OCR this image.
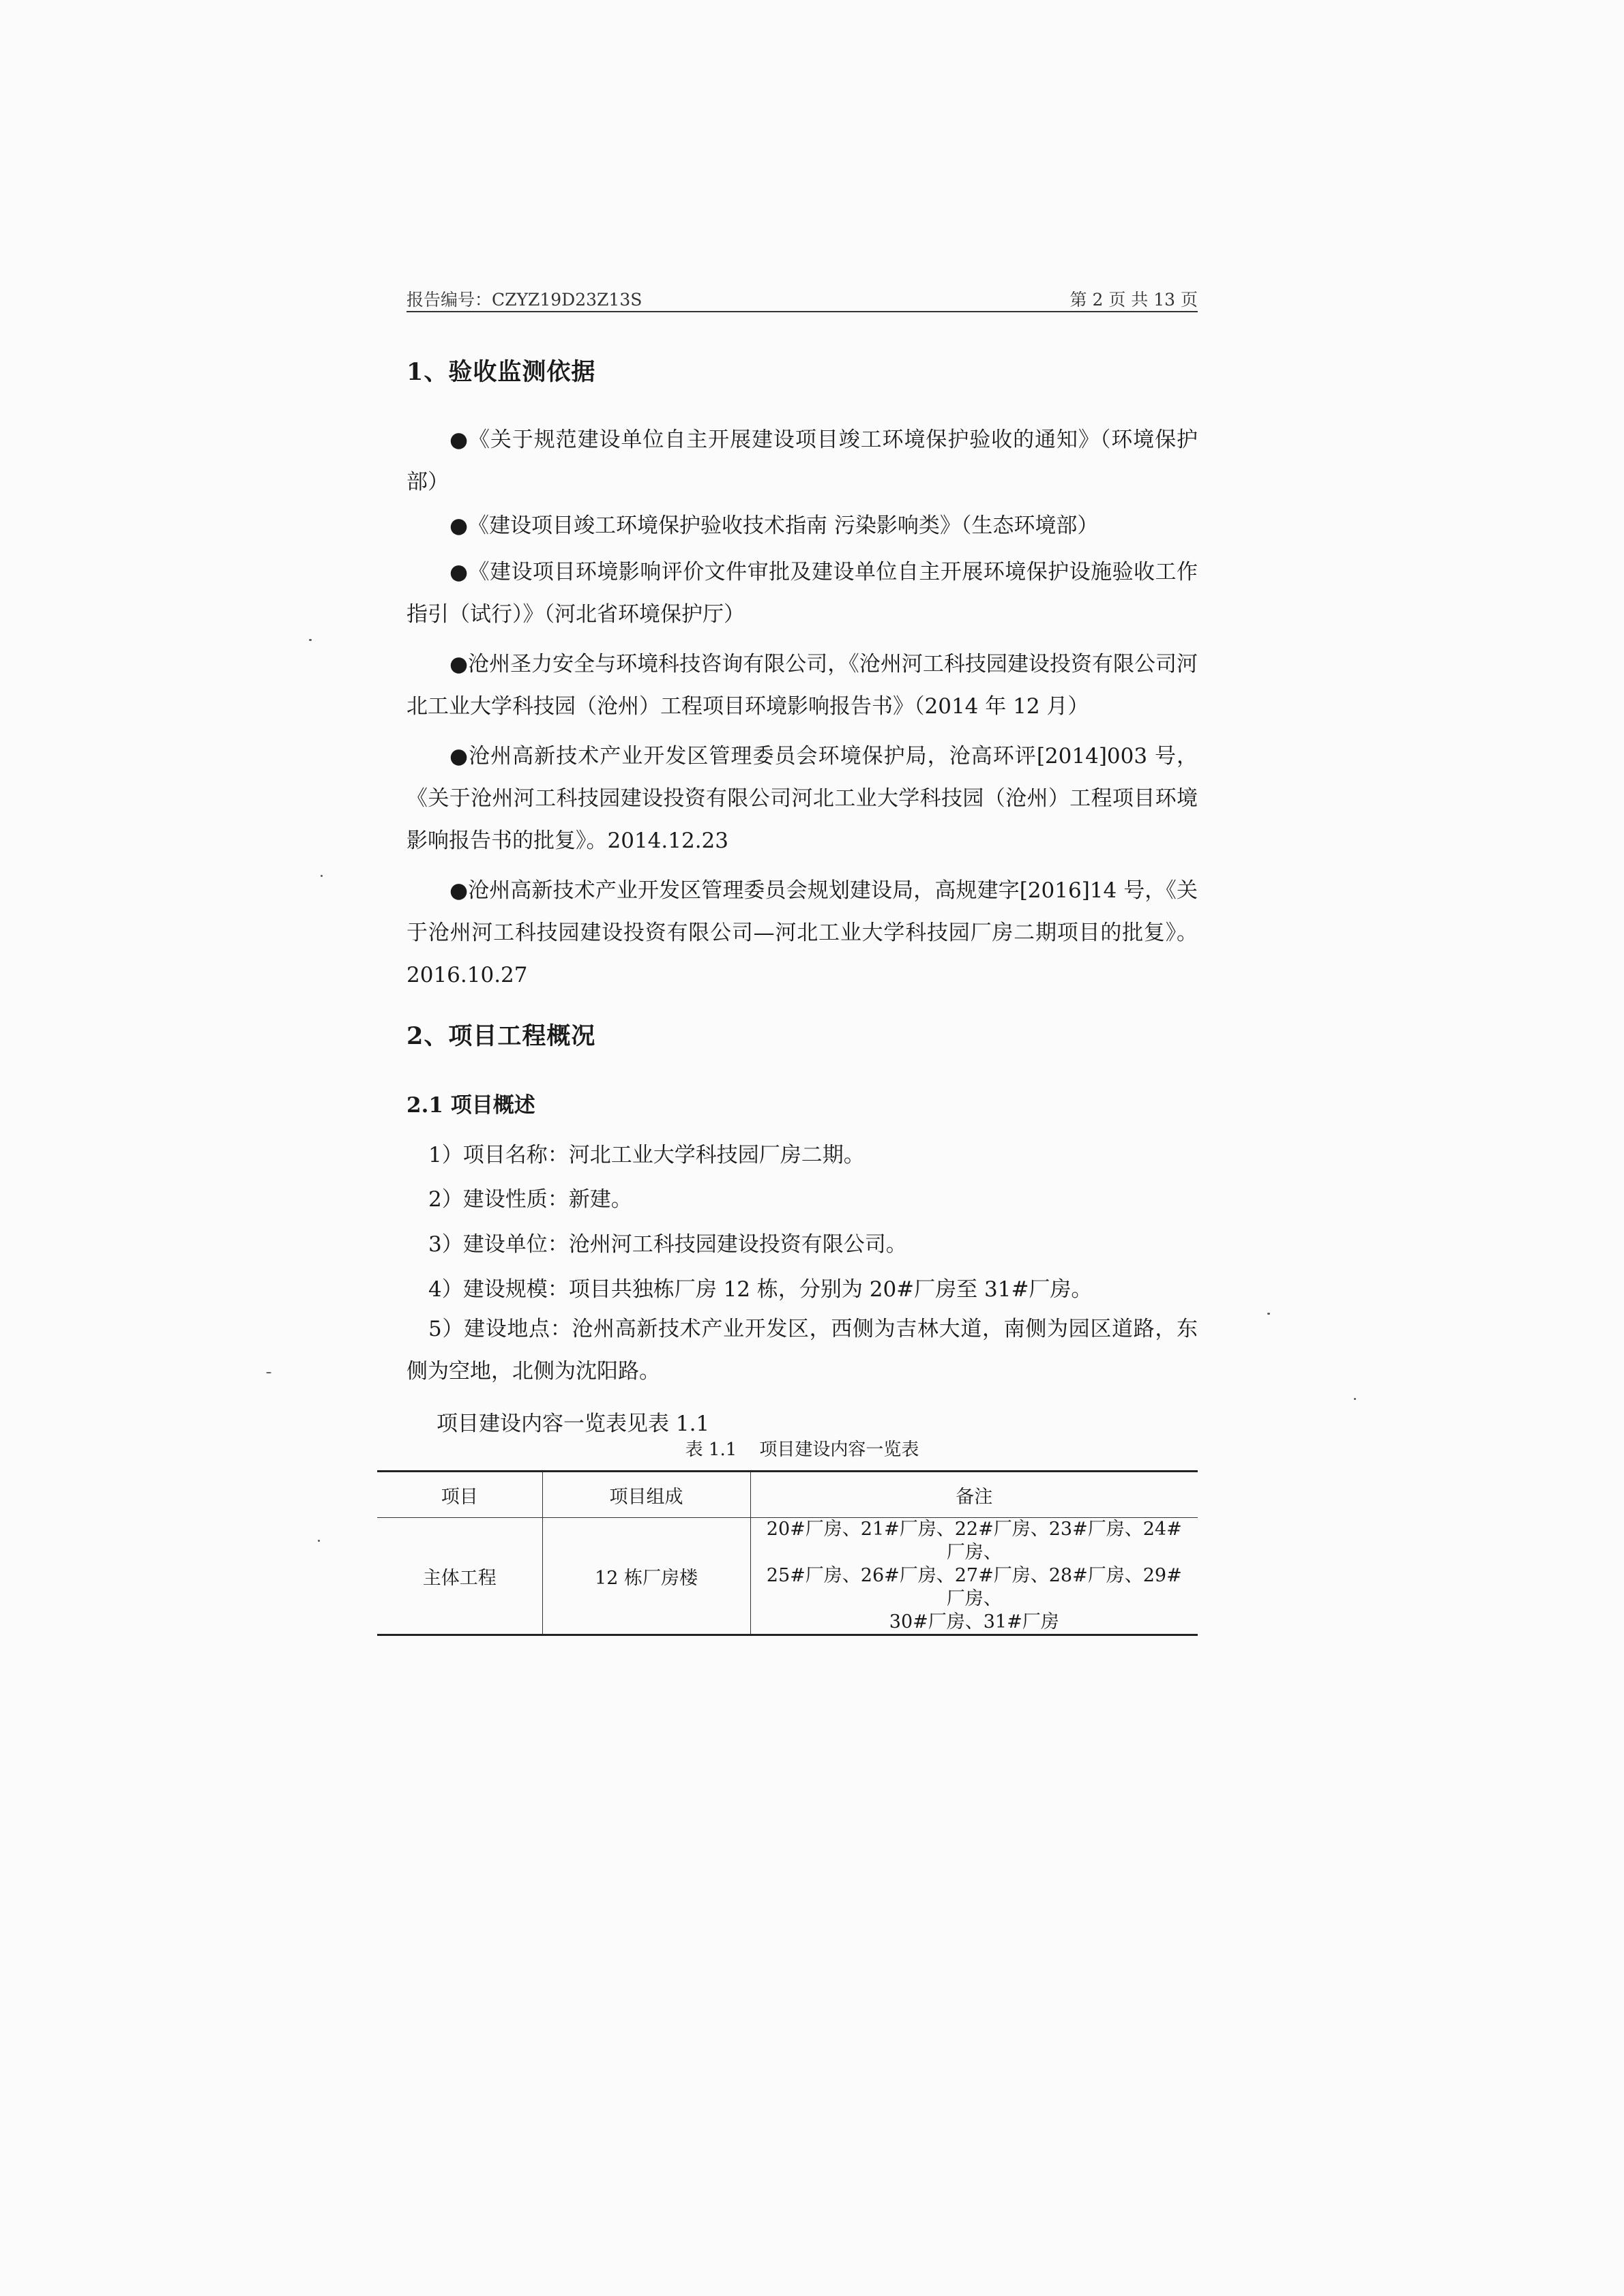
报告编号：CZYZ19D23Z13S	第 2 页 共 13 页
1、验收监测依据

●《关于规范建设单位自主开展建设项目竣工环境保护验收的通知》（环境保护部）

●《建设项目竣工环境保护验收技术指南 污染影响类》（生态环境部）

●《建设项目环境影响评价文件审批及建设单位自主开展环境保护设施验收工作指引（试行）》（河北省环境保护厅）

●沧州圣力安全与环境科技咨询有限公司，《沧州河工科技园建设投资有限公司河北工业大学科技园（沧州）工程项目环境影响报告书》（2014 年 12 月）

●沧州高新技术产业开发区管理委员会环境保护局，沧高环评[2014]003 号，《关于沧州河工科技园建设投资有限公司河北工业大学科技园（沧州）工程项目环境影响报告书的批复》。2014.12.23

●沧州高新技术产业开发区管理委员会规划建设局，高规建字[2016]14 号，《关于沧州河工科技园建设投资有限公司—河北工业大学科技园厂房二期项目的批复》。2016.10.27

2、项目工程概况
2.1 项目概述
1）项目名称：河北工业大学科技园厂房二期。
2）建设性质：新建。
3）建设单位：沧州河工科技园建设投资有限公司。
4）建设规模：项目共独栋厂房 12 栋，分别为 20#厂房至 31#厂房。
5）建设地点：沧州高新技术产业开发区，西侧为吉林大道，南侧为园区道路，东侧为空地，北侧为沈阳路。
项目建设内容一览表见表 1.1
表 1.1    项目建设内容一览表
项目	项目组成	备注
主体工程	12 栋厂房楼	20#厂房、21#厂房、22#厂房、23#厂房、24#厂房、
25#厂房、26#厂房、27#厂房、28#厂房、29#厂房、
30#厂房、31#厂房
